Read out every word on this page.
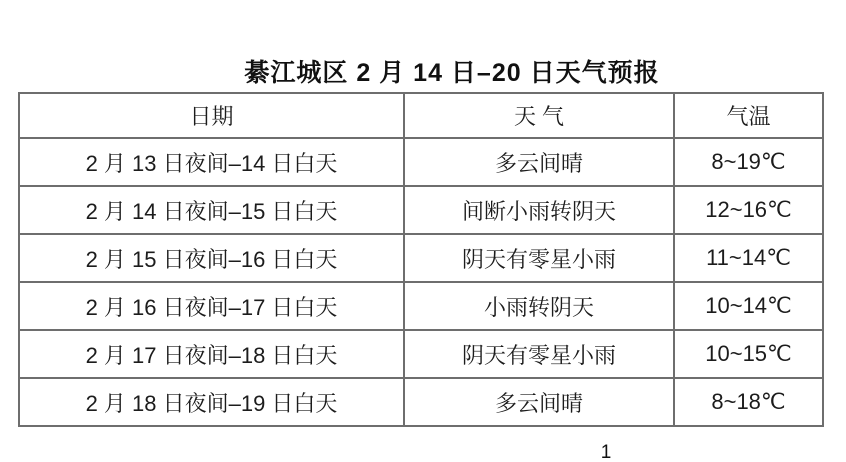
綦江城区 2 月 14 日–20 日天气预报
日期	天 气	气温
2 月 13 日夜间–14 日白天	多云间晴	8~19℃
2 月 14 日夜间–15 日白天	间断小雨转阴天	12~16℃
2 月 15 日夜间–16 日白天	阴天有零星小雨	11~14℃
2 月 16 日夜间–17 日白天	小雨转阴天	10~14℃
2 月 17 日夜间–18 日白天	阴天有零星小雨	10~15℃
2 月 18 日夜间–19 日白天	多云间晴	8~18℃
1
